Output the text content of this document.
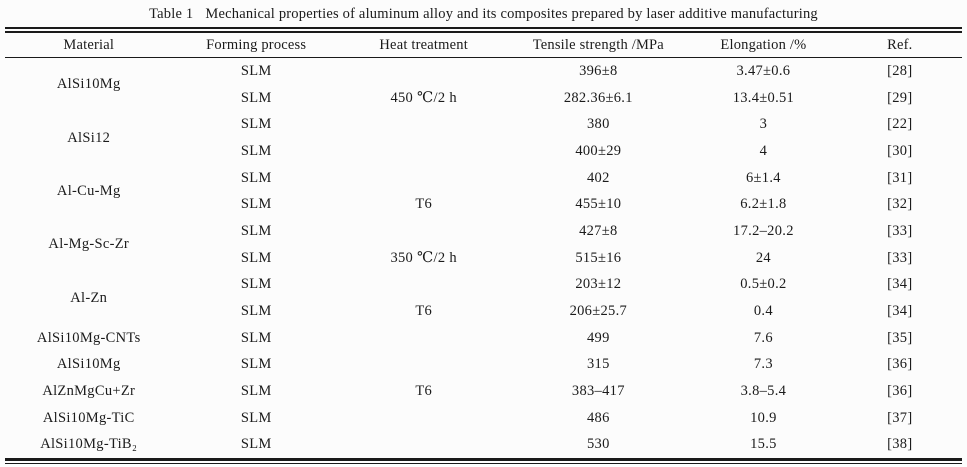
Table 1 Mechanical properties of aluminum alloy and its composites prepared by laser additive manufacturing
Material	Forming process	Heat treatment	Tensile strength /MPa	Elongation /%	Ref.
AlSi10Mg	SLM		396±8	3.47±0.6	[28]
	SLM	450 ℃/2 h	282.36±6.1	13.4±0.51	[29]
AlSi12	SLM		380	3	[22]
	SLM		400±29	4	[30]
Al-Cu-Mg	SLM		402	6±1.4	[31]
	SLM	T6	455±10	6.2±1.8	[32]
Al-Mg-Sc-Zr	SLM		427±8	17.2–20.2	[33]
	SLM	350 ℃/2 h	515±16	24	[33]
Al-Zn	SLM		203±12	0.5±0.2	[34]
	SLM	T6	206±25.7	0.4	[34]
AlSi10Mg-CNTs	SLM		499	7.6	[35]
AlSi10Mg	SLM		315	7.3	[36]
AlZnMgCu+Zr	SLM	T6	383–417	3.8–5.4	[36]
AlSi10Mg-TiC	SLM		486	10.9	[37]
AlSi10Mg-TiB₂	SLM		530	15.5	[38]
